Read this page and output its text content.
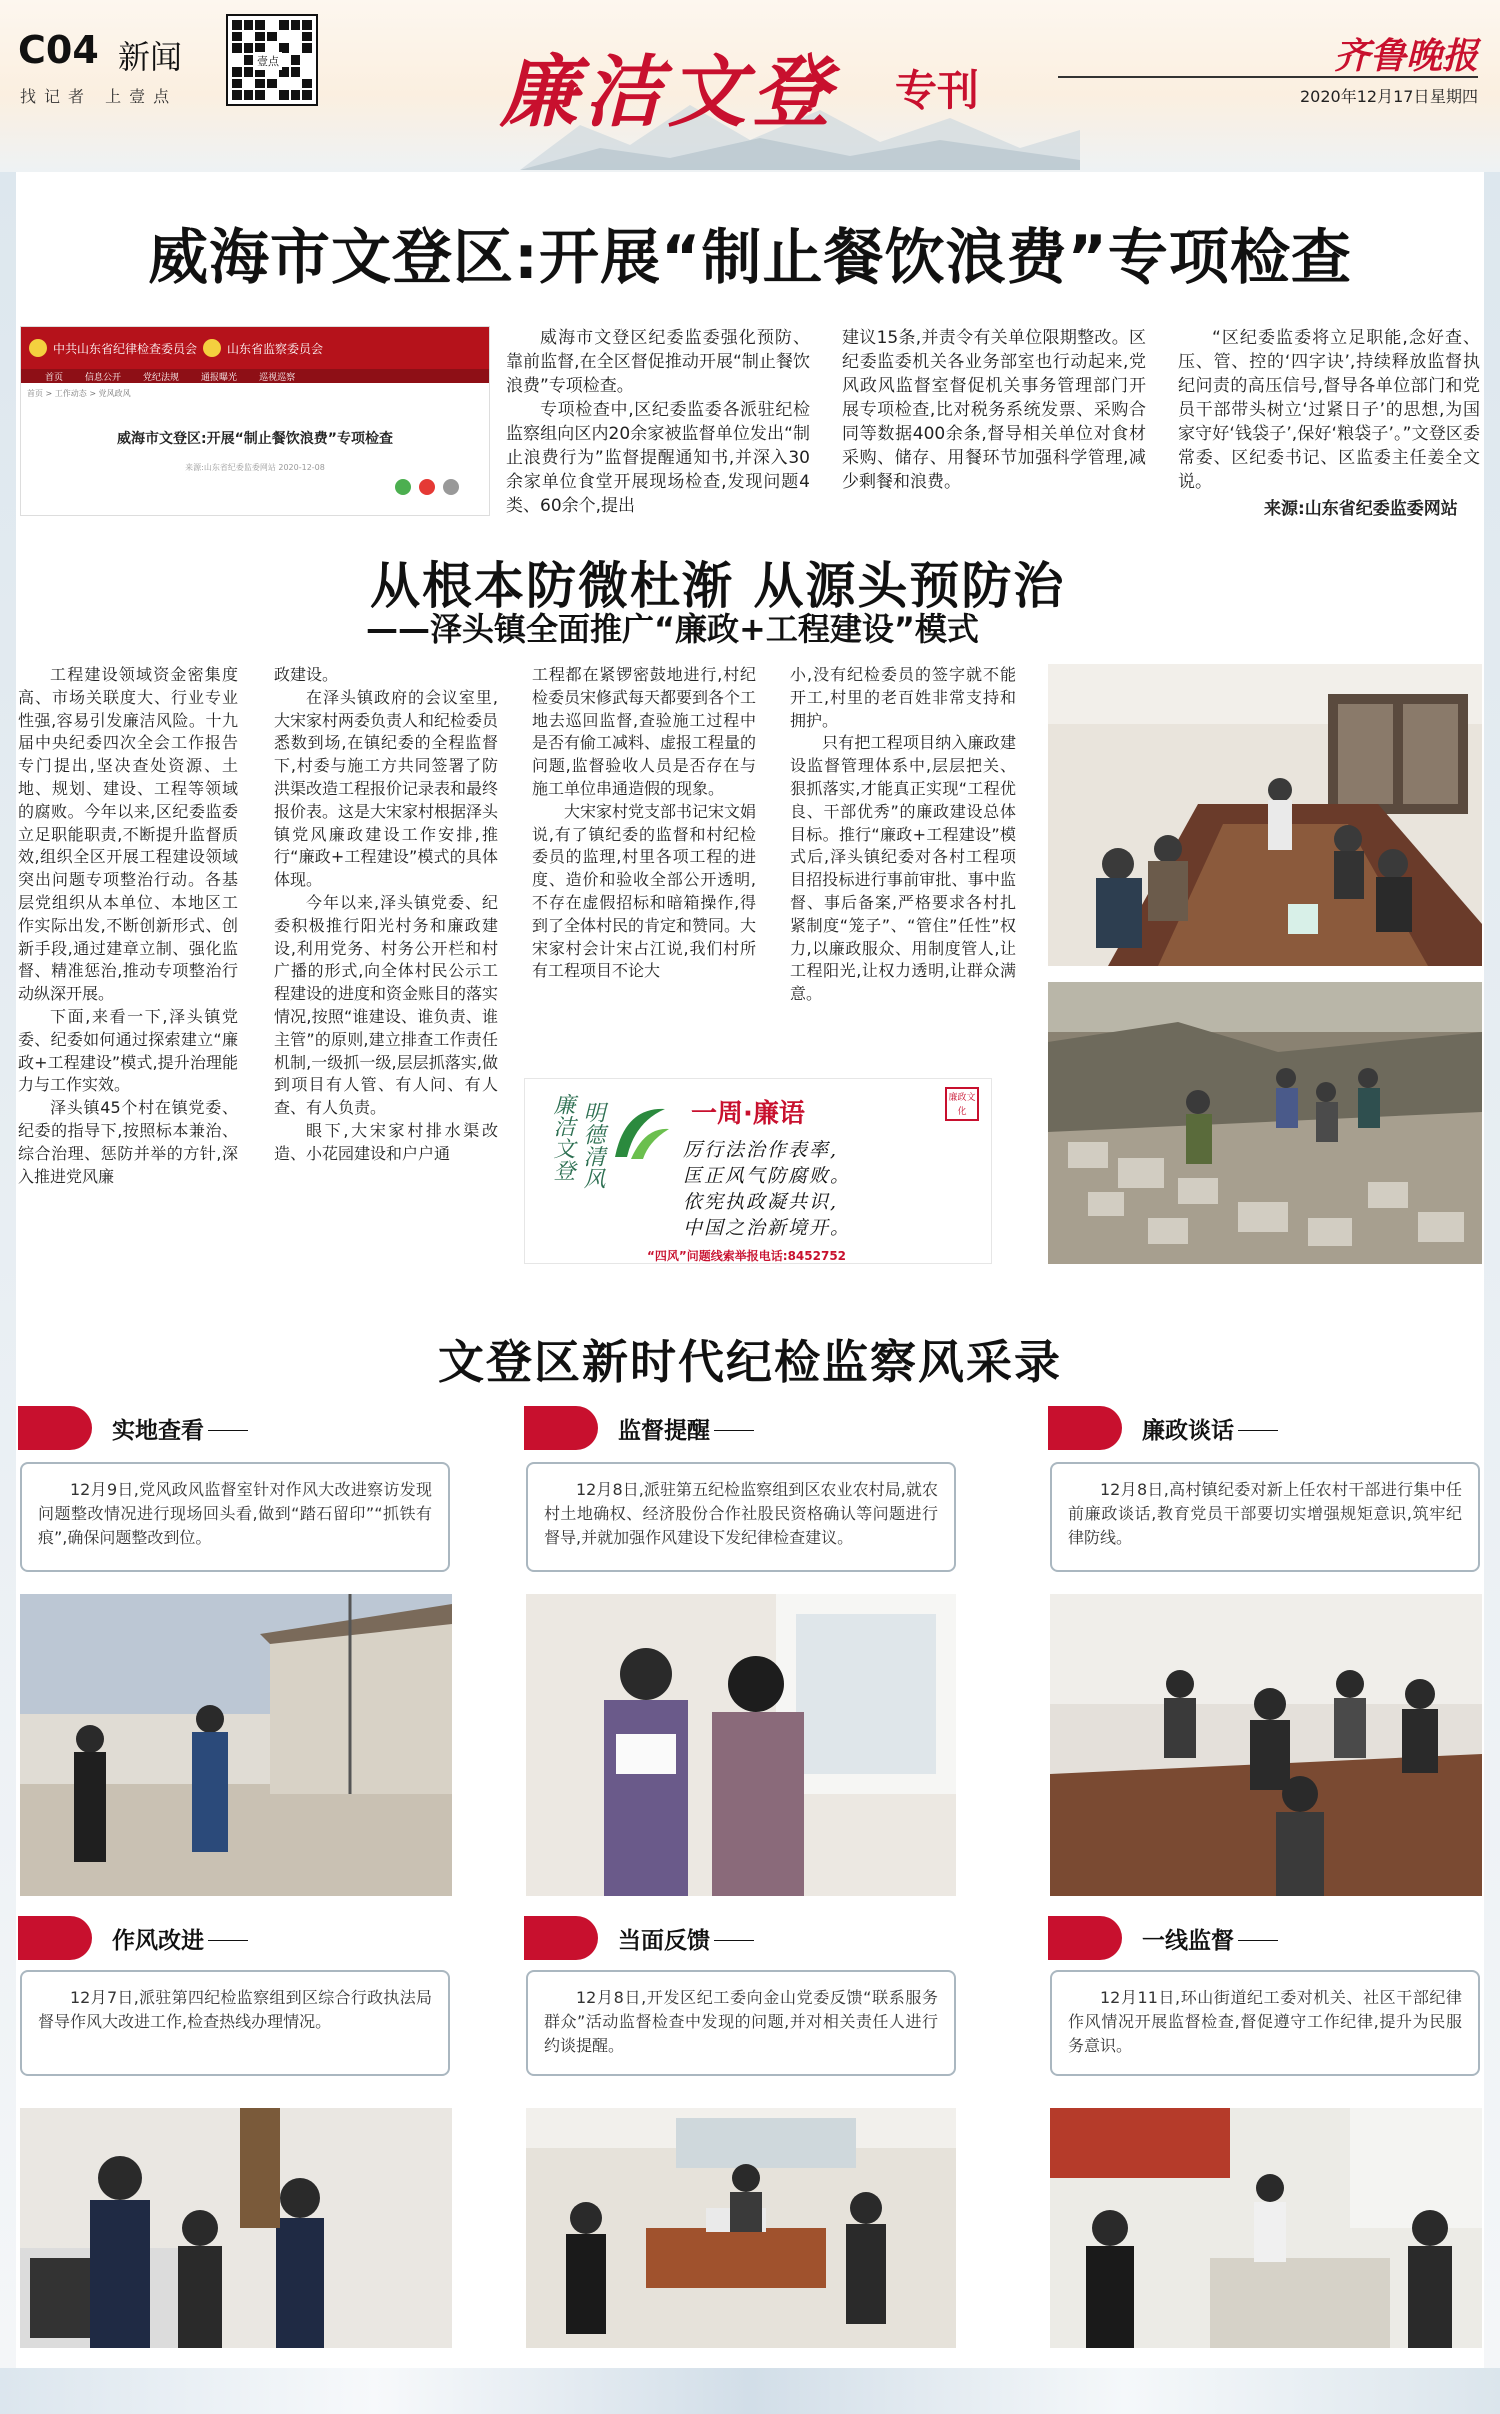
C04 新闻
找记者 上壹点
壹点	廉洁文登 专刊
齐鲁晚报
2020年12月17日 星期四
威海市文登区:开展“制止餐饮浪费”专项检查
中共山东省纪律检查委员会	山东省监察委员会
首页 信息公开 党纪法规 通报曝光 巡视巡察
首页 > 工作动态 > 党风政风
威海市文登区:开展“制止餐饮浪费”专项检查
来源:山东省纪委监委网站 2020-12-08

威海市文登区纪委监委强化预防、靠前监督,在全区督促推动开展“制止餐饮浪费”专项检查。

专项检查中,区纪委监委各派驻纪检监察组向区内20余家被监督单位发出“制止浪费行为”监督提醒通知书,并深入30余家单位食堂开展现场检查,发现问题4类、60余个,提出

建议15条,并责令有关单位限期整改。区纪委监委机关各业务部室也行动起来,党风政风监督室督促机关事务管理部门开展专项检查,比对税务系统发票、采购合同等数据400余条,督导相关单位对食材采购、储存、用餐环节加强科学管理,减少剩餐和浪费。

“区纪委监委将立足职能,念好查、压、管、控的‘四字诀’,持续释放监督执纪问责的高压信号,督导各单位部门和党员干部带头树立‘过紧日子’的思想,为国家守好‘钱袋子’,保好‘粮袋子’。”文登区委常委、区纪委书记、区监委主任姜全文说。

来源:山东省纪委监委网站
从根本防微杜渐 从源头预防治
——泽头镇全面推广“廉政+工程建设”模式

工程建设领域资金密集度高、市场关联度大、行业专业性强,容易引发廉洁风险。十九届中央纪委四次全会工作报告专门提出,坚决查处资源、土地、规划、建设、工程等领域的腐败。今年以来,区纪委监委立足职能职责,不断提升监督质效,组织全区开展工程建设领域突出问题专项整治行动。各基层党组织从本单位、本地区工作实际出发,不断创新形式、创新手段,通过建章立制、强化监督、精准惩治,推动专项整治行动纵深开展。

下面,来看一下,泽头镇党委、纪委如何通过探索建立“廉政+工程建设”模式,提升治理能力与工作实效。

泽头镇45个村在镇党委、纪委的指导下,按照标本兼治、综合治理、惩防并举的方针,深入推进党风廉

政建设。

在泽头镇政府的会议室里,大宋家村两委负责人和纪检委员悉数到场,在镇纪委的全程监督下,村委与施工方共同签署了防洪渠改造工程报价记录表和最终报价表。这是大宋家村根据泽头镇党风廉政建设工作安排,推行“廉政+工程建设”模式的具体体现。

今年以来,泽头镇党委、纪委积极推行阳光村务和廉政建设,利用党务、村务公开栏和村广播的形式,向全体村民公示工程建设的进度和资金账目的落实情况,按照“谁建设、谁负责、谁主管”的原则,建立排查工作责任机制,一级抓一级,层层抓落实,做到项目有人管、有人问、有人查、有人负责。

眼下,大宋家村排水渠改造、小花园建设和户户通

工程都在紧锣密鼓地进行,村纪检委员宋修武每天都要到各个工地去巡回监督,查验施工过程中是否有偷工减料、虚报工程量的问题,监督验收人员是否存在与施工单位串通造假的现象。

大宋家村党支部书记宋文娟说,有了镇纪委的监督和村纪检委员的监理,村里各项工程的进度、造价和验收全部公开透明,不存在虚假招标和暗箱操作,得到了全体村民的肯定和赞同。大宋家村会计宋占江说,我们村所有工程项目不论大

小,没有纪检委员的签字就不能开工,村里的老百姓非常支持和拥护。

只有把工程项目纳入廉政建设监督管理体系中,层层把关、狠抓落实,才能真正实现“工程优良、干部优秀”的廉政建设总体目标。推行“廉政+工程建设”模式后,泽头镇纪委对各村工程项目招投标进行事前审批、事中监督、事后备案,严格要求各村扎紧制度“笼子”、“管住”任性”权力,以廉政服众、用制度管人,让工程阳光,让权力透明,让群众满意。

廉洁文登 明德清风	一周·廉语
厉行法治作表率,
匡正风气防腐败。
依宪执政凝共识,
中国之治新境开。
廉政文化
“四风”问题线索举报电话:8452752
文登区新时代纪检监察风采录
实地查看	监督提醒	廉政谈话
12月9日,党风政风监督室针对作风大改进察访发现问题整改情况进行现场回头看,做到“踏石留印”“抓铁有痕”,确保问题整改到位。
12月8日,派驻第五纪检监察组到区农业农村局,就农村土地确权、经济股份合作社股民资格确认等问题进行督导,并就加强作风建设下发纪律检查建议。
12月8日,高村镇纪委对新上任农村干部进行集中任前廉政谈话,教育党员干部要切实增强规矩意识,筑牢纪律防线。
作风改进	当面反馈	一线监督
12月7日,派驻第四纪检监察组到区综合行政执法局督导作风大改进工作,检查热线办理情况。
12月8日,开发区纪工委向金山党委反馈“联系服务群众”活动监督检查中发现的问题,并对相关责任人进行约谈提醒。
12月11日,环山街道纪工委对机关、社区干部纪律作风情况开展监督检查,督促遵守工作纪律,提升为民服务意识。
